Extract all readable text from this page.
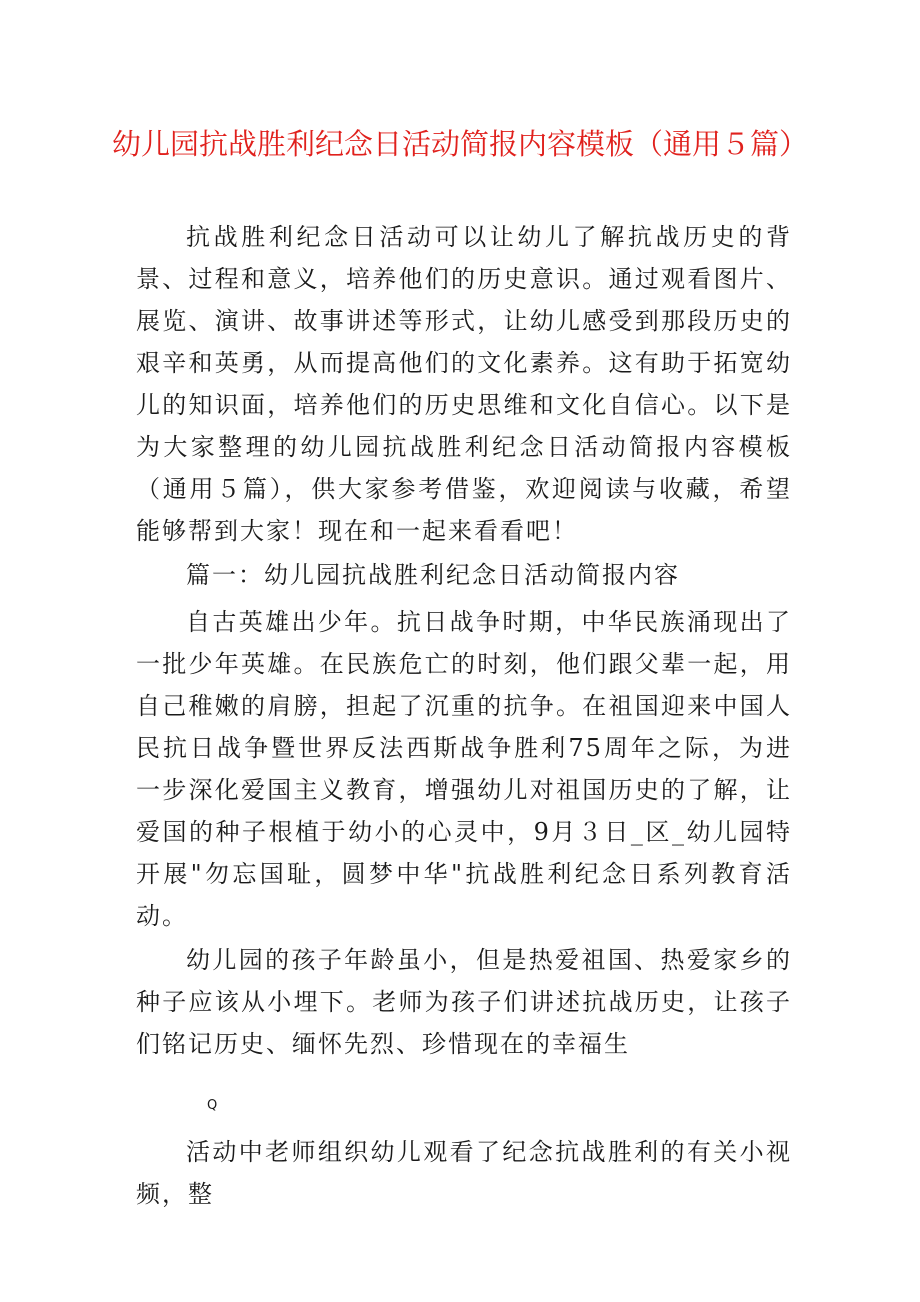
幼儿园抗战胜利纪念日活动简报内容模板（通用５篇）

抗战胜利纪念日活动可以让幼儿了解抗战历史的背景、过程和意义，培养他们的历史意识。通过观看图片、展览、演讲、故事讲述等形式，让幼儿感受到那段历史的艰辛和英勇，从而提高他们的文化素养。这有助于拓宽幼儿的知识面，培养他们的历史思维和文化自信心。以下是为大家整理的幼儿园抗战胜利纪念日活动简报内容模板（通用５篇），供大家参考借鉴，欢迎阅读与收藏，希望能够帮到大家！现在和一起来看看吧！

篇一：幼儿园抗战胜利纪念日活动简报内容

自古英雄出少年。抗日战争时期，中华民族涌现出了一批少年英雄。在民族危亡的时刻，他们跟父辈一起，用自己稚嫩的肩膀，担起了沉重的抗争。在祖国迎来中国人民抗日战争暨世界反法西斯战争胜利75周年之际，为进一步深化爱国主义教育，增强幼儿对祖国历史的了解，让爱国的种子根植于幼小的心灵中，9月３日_区_幼儿园特开展"勿忘国耻，圆梦中华"抗战胜利纪念日系列教育活动。

幼儿园的孩子年龄虽小，但是热爱祖国、热爱家乡的种子应该从小埋下。老师为孩子们讲述抗战历史，让孩子们铭记历史、缅怀先烈、珍惜现在的幸福生

Q

活动中老师组织幼儿观看了纪念抗战胜利的有关小视频，整
